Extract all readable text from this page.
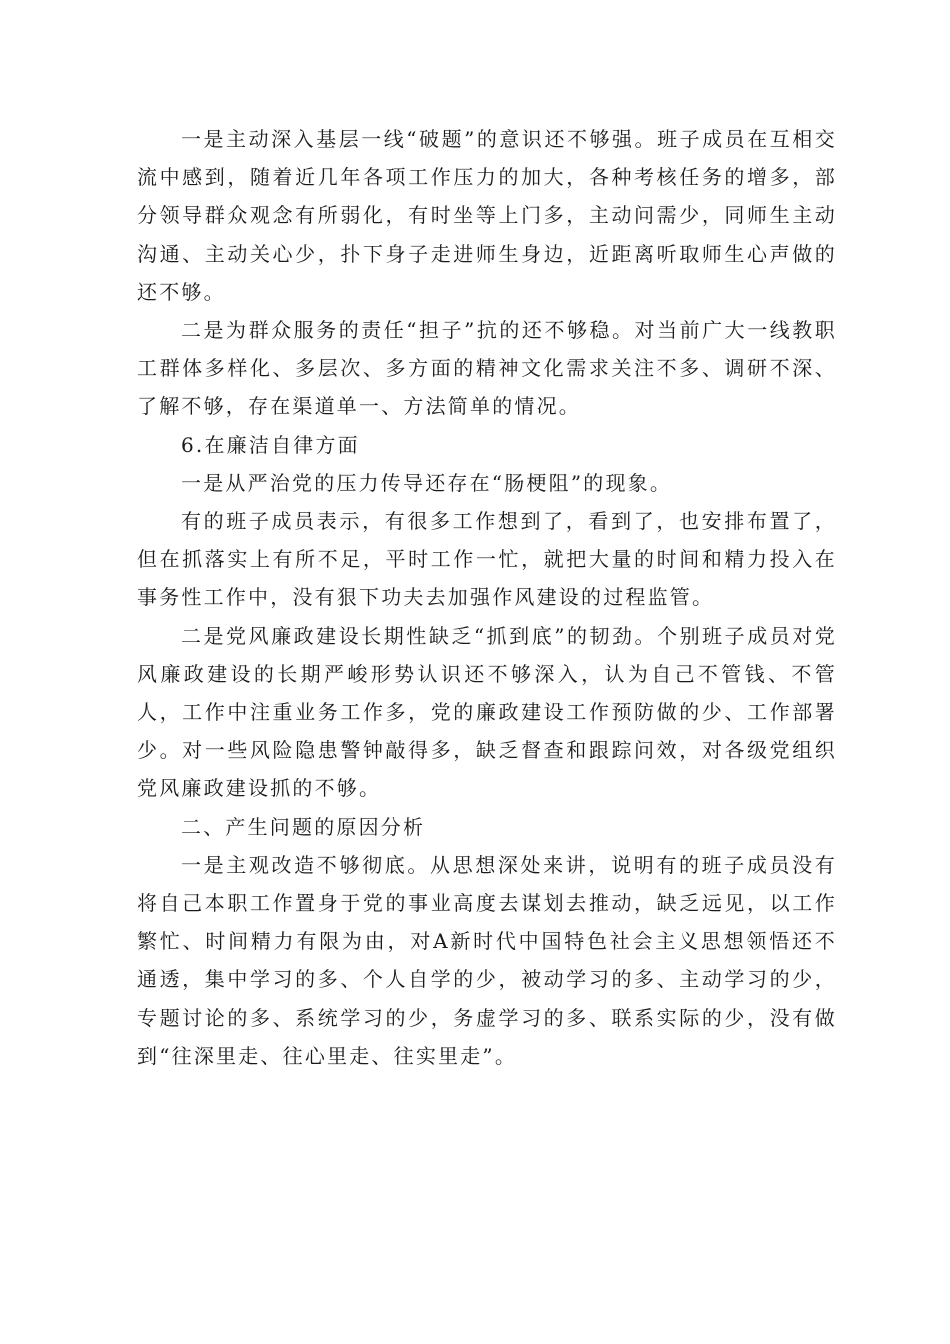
一是主动深入基层一线“破题”的意识还不够强。班子成员在互相交流中感到，随着近几年各项工作压力的加大，各种考核任务的增多，部分领导群众观念有所弱化，有时坐等上门多，主动问需少，同师生主动沟通、主动关心少，扑下身子走进师生身边，近距离听取师生心声做的还不够。

二是为群众服务的责任“担子”抗的还不够稳。对当前广大一线教职工群体多样化、多层次、多方面的精神文化需求关注不多、调研不深、了解不够，存在渠道单一、方法简单的情况。

6.在廉洁自律方面

一是从严治党的压力传导还存在“肠梗阻”的现象。

有的班子成员表示，有很多工作想到了，看到了，也安排布置了，但在抓落实上有所不足，平时工作一忙，就把大量的时间和精力投入在事务性工作中，没有狠下功夫去加强作风建设的过程监管。

二是党风廉政建设长期性缺乏“抓到底”的韧劲。个别班子成员对党风廉政建设的长期严峻形势认识还不够深入，认为自己不管钱、不管人，工作中注重业务工作多，党的廉政建设工作预防做的少、工作部署少。对一些风险隐患警钟敲得多，缺乏督查和跟踪问效，对各级党组织党风廉政建设抓的不够。

二、产生问题的原因分析

一是主观改造不够彻底。从思想深处来讲，说明有的班子成员没有将自己本职工作置身于党的事业高度去谋划去推动，缺乏远见，以工作繁忙、时间精力有限为由，对A新时代中国特色社会主义思想领悟还不通透，集中学习的多、个人自学的少，被动学习的多、主动学习的少，专题讨论的多、系统学习的少，务虚学习的多、联系实际的少，没有做到“往深里走、往心里走、往实里走”。
